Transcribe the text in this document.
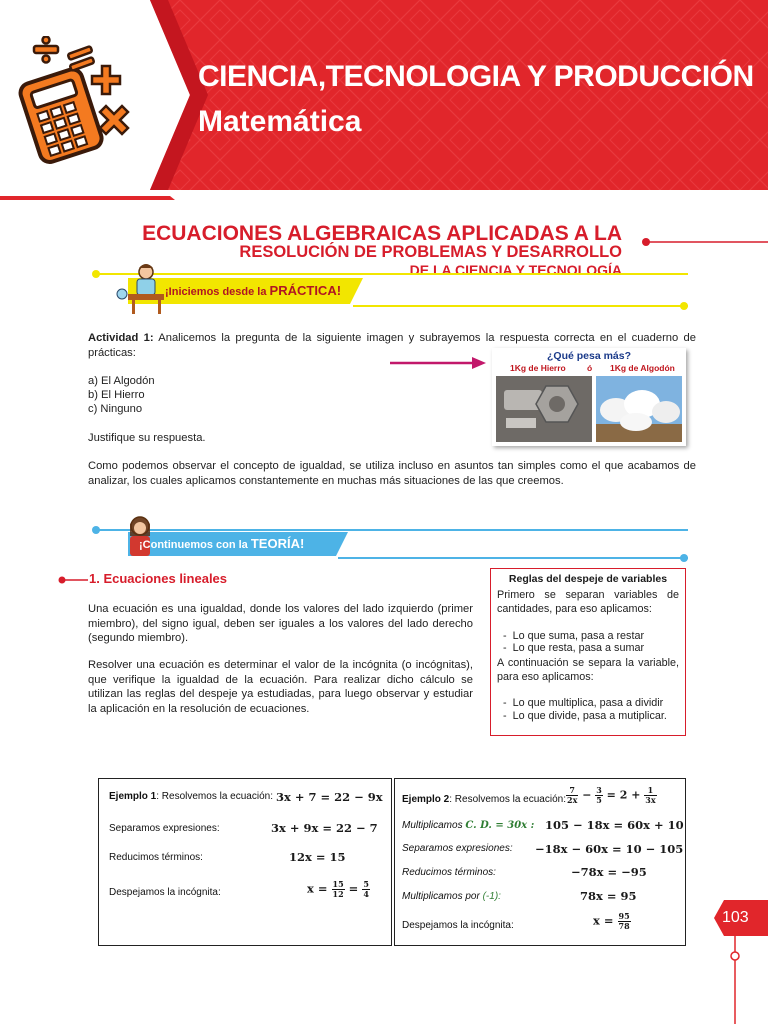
CIENCIA,TECNOLOGIA Y PRODUCCIÓN
Matemática
ECUACIONES ALGEBRAICAS APLICADAS A LA
RESOLUCIÓN DE PROBLEMAS Y DESARROLLO
DE LA CIENCIA Y TECNOLOGÍA
¡Iniciemos desde la PRÁCTICA!
Actividad 1: Analicemos la pregunta de la siguiente imagen y subrayemos la respuesta correcta en el cuaderno de prácticas:
a) El Algodón
b) El Hierro
c) Ninguno
Justifique su respuesta.
Como podemos observar el concepto de igualdad, se utiliza incluso en asuntos tan simples como el que acabamos de analizar, los cuales aplicamos constantemente en muchas más situaciones de las que creemos.
¿Qué pesa más?
1Kg de Hierro	ó 1Kg de Algodón
¡Continuemos con la TEORÍA!
1. Ecuaciones lineales
Una ecuación es una igualdad, donde los valores del lado izquierdo (primer miembro), del signo igual, deben ser iguales a los valores del lado derecho (segundo miembro).
Resolver una ecuación es determinar el valor de la incógnita (o incógnitas), que verifique la igualdad de la ecuación. Para realizar dicho cálculo se utilizan las reglas del despeje ya estudiadas, para luego observar y estudiar la aplicación en la resolución de ecuaciones.
Reglas del despeje de variables
Primero se separan variables de cantidades, para eso aplicamos:
-  Lo que suma, pasa a restar
-  Lo que resta, pasa a sumar
A continuación se separa la variable, para eso aplicamos:
-  Lo que multiplica, pasa a dividir
-  Lo que divide, pasa a mutiplicar.
Ejemplo 1: Resolvemos la ecuación: 3x + 7 = 22 − 9x
Separamos expresiones:	3x + 9x = 22 − 7
Reducimos términos:	12x = 15
Despejamos la incógnita:	$x = \frac{15}{12} = \frac{5}{4}$
Ejemplo 2: Resolvemos la ecuación: $\frac{7}{2x} - \frac{3}{5} = 2 + \frac{1}{3x}$
Multiplicamos C. D. = 30x : 105 − 18x = 60x + 10
Separamos expresiones: −18x − 60x = 10 − 105
Reducimos términos:	−78x = −95
Multiplicamos por (-1):	78x = 95
Despejamos la incógnita:	$x = \frac{95}{78}$	103
